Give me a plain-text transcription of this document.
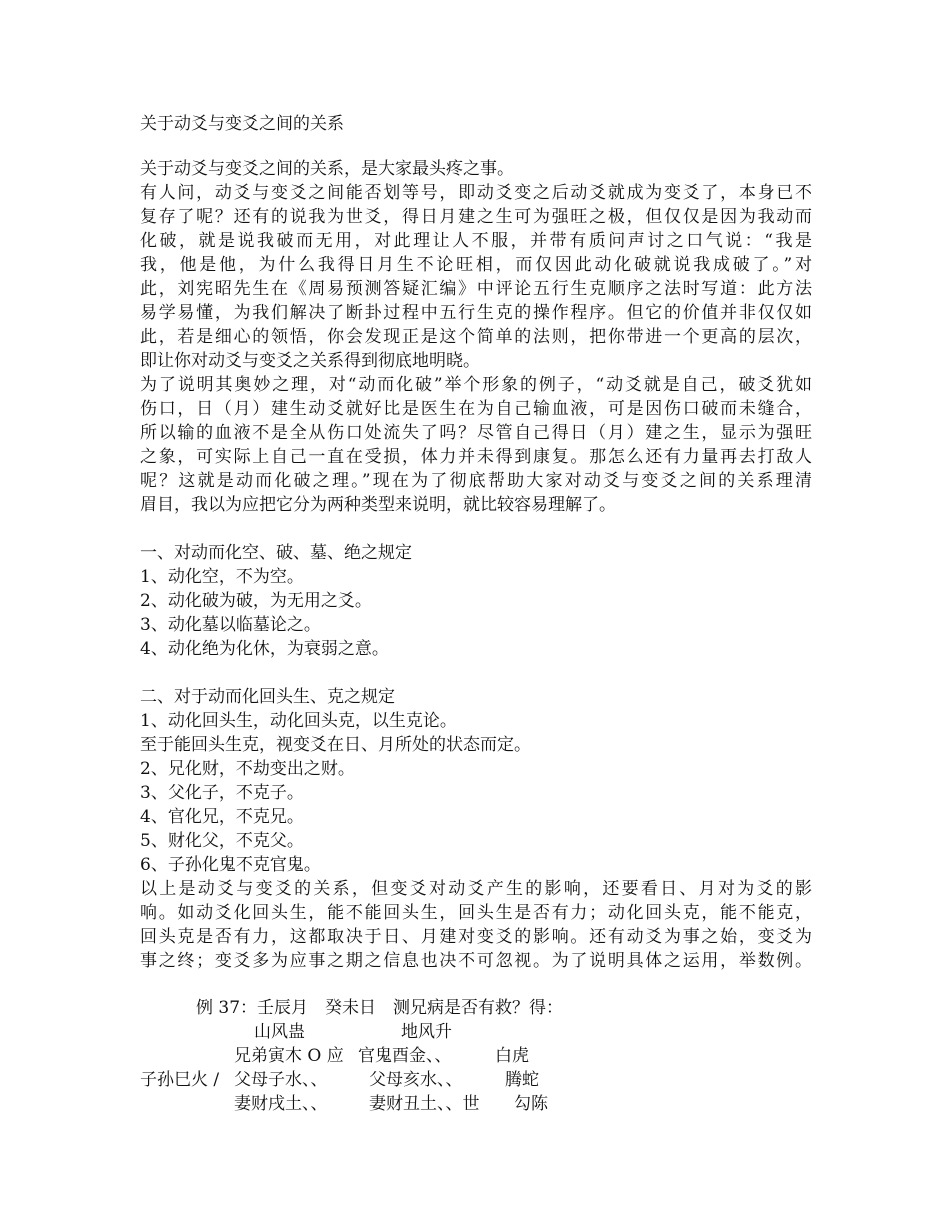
关于动爻与变爻之间的关系
关于动爻与变爻之间的关系，是大家最头疼之事。
有人问，动爻与变爻之间能否划等号，即动爻变之后动爻就成为变爻了，本身已不
复存了呢？还有的说我为世爻，得日月建之生可为强旺之极，但仅仅是因为我动而
化破，就是说我破而无用，对此理让人不服，并带有质问声讨之口气说：“我是
我，他是他，为什么我得日月生不论旺相，而仅因此动化破就说我成破了。”对
此，刘宪昭先生在《周易预测答疑汇编》中评论五行生克顺序之法时写道：此方法
易学易懂，为我们解决了断卦过程中五行生克的操作程序。但它的价值并非仅仅如
此，若是细心的领悟，你会发现正是这个简单的法则，把你带进一个更高的层次，
即让你对动爻与变爻之关系得到彻底地明晓。
为了说明其奥妙之理，对“动而化破”举个形象的例子，“动爻就是自己，破爻犹如
伤口，日（月）建生动爻就好比是医生在为自己输血液，可是因伤口破而未缝合，
所以输的血液不是全从伤口处流失了吗？尽管自己得日（月）建之生，显示为强旺
之象，可实际上自己一直在受损，体力并未得到康复。那怎么还有力量再去打敌人
呢？这就是动而化破之理。”现在为了彻底帮助大家对动爻与变爻之间的关系理清
眉目，我以为应把它分为两种类型来说明，就比较容易理解了。
一、对动而化空、破、墓、绝之规定
1、动化空，不为空。
2、动化破为破，为无用之爻。
3、动化墓以临墓论之。
4、动化绝为化休，为衰弱之意。
二、对于动而化回头生、克之规定
1、动化回头生，动化回头克，以生克论。
至于能回头生克，视变爻在日、月所处的状态而定。
2、兄化财，不劫变出之财。
3、父化子，不克子。
4、官化兄，不克兄。
5、财化父，不克父。
6、子孙化鬼不克官鬼。
以上是动爻与变爻的关系，但变爻对动爻产生的影响，还要看日、月对为爻的影
响。如动爻化回头生，能不能回头生，回头生是否有力；动化回头克，能不能克，
回头克是否有力，这都取决于日、月建对变爻的影响。还有动爻为事之始，变爻为
事之终；变爻多为应事之期之信息也决不可忽视。为了说明具体之运用，举数例。
例 37：壬辰月　癸未日　测兄病是否有救？得：
山风蛊	地风升
兄弟寅木 O 应 官鬼酉金、、	白虎
子孙巳火 / 父母子水、、 父母亥水、、	腾蛇
妻财戌土、、 妻财丑土、、世 勾陈
